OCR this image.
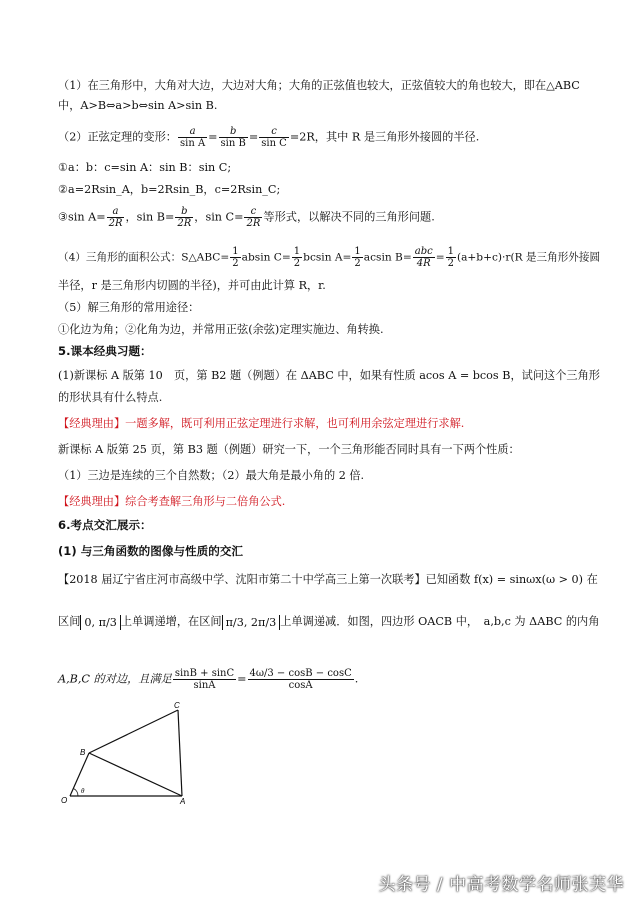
（1）在三角形中，大角对大边，大边对大角；大角的正弦值也较大，正弦值较大的角也较大，即在△ABC
中，A>B⇔a>b⇔sin A>sin B.
（2）正弦定理的变形： $\frac{a}{\text{sin A}} = \frac{b}{\text{sin B}} = \frac{c}{\text{sin C}} =2R$，其中 R 是三角形外接圆的半径.
①a：b：c=sin A：sin B：sin C;
②a=2Rsin_A，b=2Rsin_B，c=2Rsin_C;
③sin $A= \frac{a}{2R}$ ，$\sin B= \frac{b}{2R}$ ，$\sin C= \frac{c}{2R}$ 等形式，以解决不同的三角形问题.
（4）三角形的面积公式：S△ABC= $\frac{1}{2}$ absin $C= \frac{1}{2}$ bcsin $A= \frac{1}{2}$ acsin $B= \frac{\text{abc}}{4R} = \frac{1}{2} (a+b+c)\cdot r(R$ 是三角形外接圆
半径，r 是三角形内切圆的半径)，并可由此计算 R，r.
（5）解三角形的常用途径：
①化边为角；②化角为边，并常用正弦(余弦)定理实施边、角转换.
5.课本经典习题：
(1)新课标 A 版第 10　页，第 B2 题（例题）在 ΔABC 中，如果有性质 acos A = bcos B，试问这个三角形
的形状具有什么特点.
【经典理由】一题多解，既可利用正弦定理进行求解，也可利用余弦定理进行求解.
新课标 A 版第 25 页，第 B3 题（例题）研究一下，一个三角形能否同时具有一下两个性质：
（1）三边是连续的三个自然数；（2）最大角是最小角的 2 倍.
【经典理由】综合考查解三角形与二倍角公式.
6.考点交汇展示：
(1) 与三角函数的图像与性质的交汇
【2018 届辽宁省庄河市高级中学、沈阳市第二十中学高三上第一次联考】已知函数 f(x) = sinωx(ω > 0) 在
区间 0, π/3 上单调递增，在区间 π/3, 2π/3 上单调递减．如图，四边形 OACB 中，　a,b,c 为 ΔABC 的内角
A,B,C 的对边，且满足 $\frac{\sin B + \sin C}{\sin A} = \frac{4\omega/3 - \cos B - \cos C}{\cos A}$ .
C
B
O	A
θ
头条号 / 中高考数学名师张芙华
